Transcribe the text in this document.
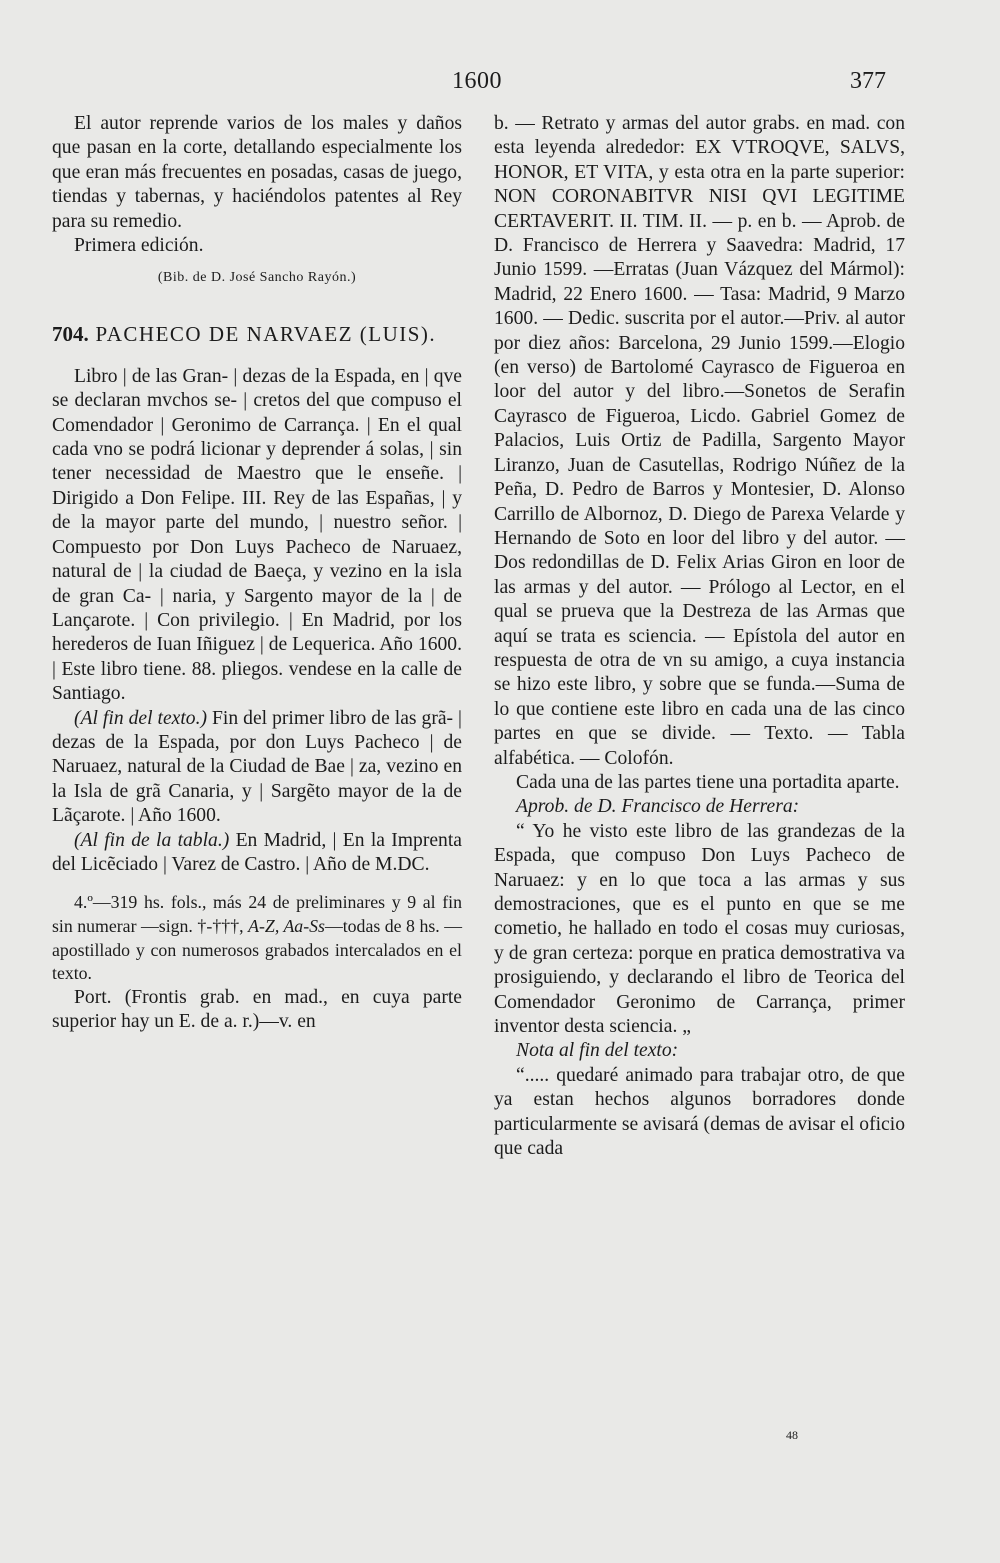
1600	377

El autor reprende varios de los males y daños que pasan en la corte, detallando especialmente los que eran más frecuentes en posadas, casas de juego, tiendas y tabernas, y haciéndolos patentes al Rey para su remedio.

Primera edición.

(Bib. de D. José Sancho Rayón.)

704. PACHECO DE NARVAEZ (LUIS).

Libro | de las Gran- | dezas de la Espada, en | qve se declaran mvchos se- | cretos del que compuso el Comendador | Geronimo de Carrança. | En el qual cada vno se podrá licionar y deprender á solas, | sin tener necessidad de Maestro que le enseñe. | Dirigido a Don Felipe. III. Rey de las Españas, | y de la mayor parte del mundo, | nuestro señor. | Compuesto por Don Luys Pacheco de Naruaez, natural de | la ciudad de Baeça, y vezino en la isla de gran Ca- | naria, y Sargento mayor de la | de Lançarote. | Con privilegio. | En Madrid, por los herederos de Iuan Iñiguez | de Lequerica. Año 1600. | Este libro tiene. 88. pliegos. vendese en la calle de Santiago.

(Al fin del texto.) Fin del primer libro de las grã- | dezas de la Espada, por don Luys Pacheco | de Naruaez, natural de la Ciudad de Bae | za, vezino en la Isla de grã Canaria, y | Sargẽto mayor de la de Lãçarote. | Año 1600.

(Al fin de la tabla.) En Madrid, | En la Imprenta del Licẽciado | Varez de Castro. | Año de M.DC.

4.º—319 hs. fols., más 24 de preliminares y 9 al fin sin numerar —sign. †-†††, A-Z, Aa-Ss—todas de 8 hs. —apostillado y con numerosos grabados intercalados en el texto.

Port. (Frontis grab. en mad., en cuya parte superior hay un E. de a. r.)—v. en

b. — Retrato y armas del autor grabs. en mad. con esta leyenda alrededor: EX VTROQVE, SALVS, HONOR, ET VITA, y esta otra en la parte superior: NON CORONABITVR NISI QVI LEGITIME CERTAVERIT. II. TIM. II. — p. en b. — Aprob. de D. Francisco de Herrera y Saavedra: Madrid, 17 Junio 1599. —Erratas (Juan Vázquez del Mármol): Madrid, 22 Enero 1600. — Tasa: Madrid, 9 Marzo 1600. — Dedic. suscrita por el autor.—Priv. al autor por diez años: Barcelona, 29 Junio 1599.—Elogio (en verso) de Bartolomé Cayrasco de Figueroa en loor del autor y del libro.—Sonetos de Serafin Cayrasco de Figueroa, Licdo. Gabriel Gomez de Palacios, Luis Ortiz de Padilla, Sargento Mayor Liranzo, Juan de Casutellas, Rodrigo Núñez de la Peña, D. Pedro de Barros y Montesier, D. Alonso Carrillo de Albornoz, D. Diego de Parexa Velarde y Hernando de Soto en loor del libro y del autor. — Dos redondillas de D. Felix Arias Giron en loor de las armas y del autor. — Prólogo al Lector, en el qual se prueva que la Destreza de las Armas que aquí se trata es sciencia. — Epístola del autor en respuesta de otra de vn su amigo, a cuya instancia se hizo este libro, y sobre que se funda.—Suma de lo que contiene este libro en cada una de las cinco partes en que se divide. — Texto. — Tabla alfabética. — Colofón.

Cada una de las partes tiene una portadita aparte.

Aprob. de D. Francisco de Herrera:

“ Yo he visto este libro de las grandezas de la Espada, que compuso Don Luys Pacheco de Naruaez: y en lo que toca a las armas y sus demostraciones, que es el punto en que se me cometio, he hallado en todo el cosas muy curiosas, y de gran certeza: porque en pratica demostrativa va prosiguiendo, y declarando el libro de Teorica del Comendador Geronimo de Carrança, primer inventor desta sciencia. „

Nota al fin del texto:

“..... quedaré animado para trabajar otro, de que ya estan hechos algunos borradores donde particularmente se avisará (demas de avisar el oficio que cada

48
